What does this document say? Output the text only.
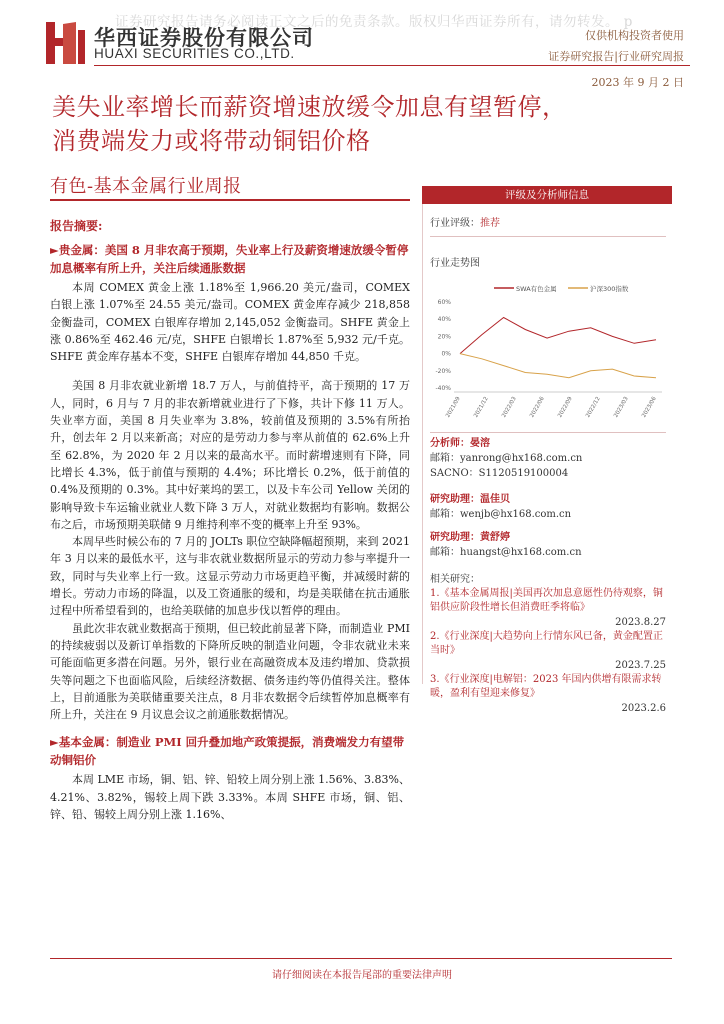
证券研究报告请务必阅读正文之后的免责条款。版权归华西证券所有，请勿转发。 p
华西证券股份有限公司
HUAXI SECURITIES CO.,LTD.
仅供机构投资者使用
证券研究报告|行业研究周报
2023 年 9 月 2 日
美失业率增长而薪资增速放缓令加息有望暂停，
消费端发力或将带动铜铝价格
有色-基本金属行业周报
报告摘要:
►贵金属：美国 8 月非农高于预期，失业率上行及薪资增速放缓令暂停加息概率有所上升，关注后续通胀数据

本周 COMEX 黄金上涨 1.18%至 1,966.20 美元/盎司，COMEX 白银上涨 1.07%至 24.55 美元/盎司。COMEX 黄金库存减少 218,858 金衡盎司，COMEX 白银库存增加 2,145,052 金衡盎司。SHFE 黄金上涨 0.86%至 462.46 元/克，SHFE 白银增长 1.87%至 5,932 元/千克。SHFE 黄金库存基本不变，SHFE 白银库存增加 44,850 千克。

美国 8 月非农就业新增 18.7 万人，与前值持平，高于预期的 17 万人，同时，6 月与 7 月的非农新增就业进行了下修，共计下修 11 万人。失业率方面，美国 8 月失业率为 3.8%，较前值及预期的 3.5%有所抬升，创去年 2 月以来新高；对应的是劳动力参与率从前值的 62.6%上升至 62.8%，为 2020 年 2 月以来的最高水平。而时薪增速则有下降，同比增长 4.3%，低于前值与预期的 4.4%；环比增长 0.2%，低于前值的 0.4%及预期的 0.3%。其中好莱坞的罢工，以及卡车公司 Yellow 关闭的影响导致卡车运输业就业人数下降 3 万人，对就业数据均有影响。数据公布之后，市场预期美联储 9 月维持利率不变的概率上升至 93%。

本周早些时候公布的 7 月的 JOLTs 职位空缺降幅超预期，来到 2021 年 3 月以来的最低水平，这与非农就业数据所显示的劳动力参与率提升一致，同时与失业率上行一致。这显示劳动力市场更趋平衡，并减缓时薪的增长。劳动力市场的降温，以及工资通胀的缓和，均是美联储在抗击通胀过程中所希望看到的，也给美联储的加息步伐以暂停的理由。

虽此次非农就业数据高于预期，但已较此前显著下降，而制造业 PMI 的持续疲弱以及新订单指数的下降所反映的制造业问题，令非农就业未来可能面临更多潜在问题。另外，银行业在高融资成本及违约增加、贷款损失等问题之下也面临风险，后续经济数据、债务违约等仍值得关注。整体上，目前通胀为美联储重要关注点，8 月非农数据令后续暂停加息概率有所上升，关注在 9 月议息会议之前通胀数据情况。

►基本金属：制造业 PMI 回升叠加地产政策提振，消费端发力有望带动铜铝价

本周 LME 市场，铜、铝、锌、铅较上周分别上涨 1.56%、3.83%、4.21%、3.82%，锡较上周下跌 3.33%。本周 SHFE 市场，铜、铝、锌、铅、锡较上周分别上涨 1.16%、

评级及分析师信息
行业评级：推荐
行业走势图
SWA有色金属	沪深300指数
60%
40%
20%
0%
-20%
-40%
2021/09 2021/12 2022/03 2022/06 2022/09 2022/12 2023/03 2023/06
分析师：晏溶
邮箱：yanrong@hx168.com.cn
SACNO：S1120519100004
研究助理：温佳贝
邮箱：wenjb@hx168.com.cn
研究助理：黄舒婷
邮箱：huangst@hx168.com.cn
相关研究：
1.《基本金属周报|美国再次加息意愿性仍待观察，铜铝供应阶段性增长但消费旺季将临》
2023.8.27
2.《行业深度|大趋势向上行情东风已备，黄金配置正当时》
2023.7.25
3.《行业深度|电解铝：2023 年国内供增有限需求转暖，盈利有望迎来修复》
2023.2.6
请仔细阅读在本报告尾部的重要法律声明
